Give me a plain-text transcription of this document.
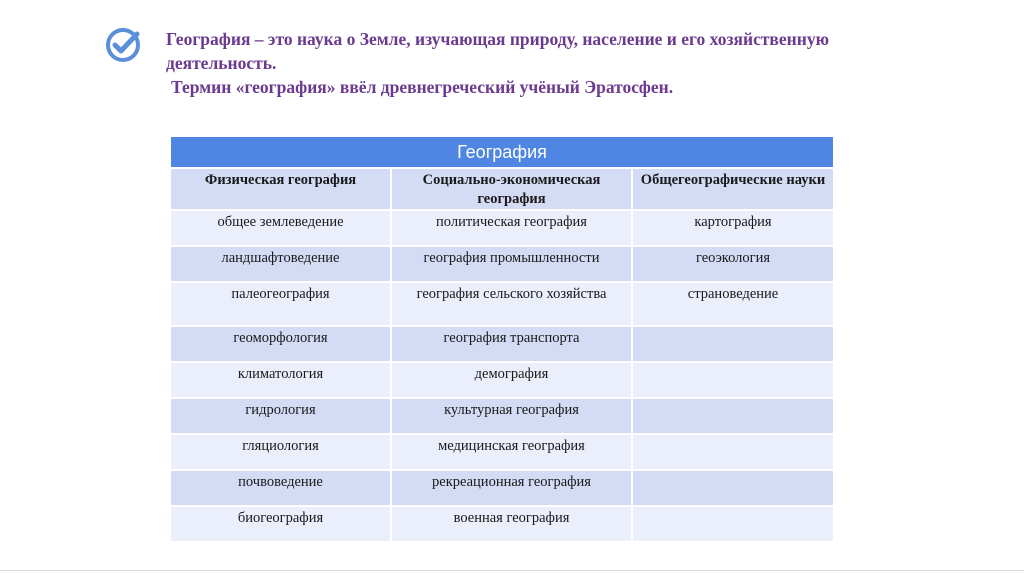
География – это наука о Земле, изучающая природу, население и его хозяйственную
деятельность.
Термин «география» ввёл древнегреческий учёный Эратосфен.
География		
Физическая география	Социально-экономическая география	Общегеографические науки
общее землеведение	политическая география	картография
ландшафтоведение	география промышленности	геоэкология
палеогеография	география сельского хозяйства	страноведение
геоморфология	география транспорта	
климатология	демография	
гидрология	культурная география	
гляциология	медицинская география	
почвоведение	рекреационная география	
биогеография	военная география	
